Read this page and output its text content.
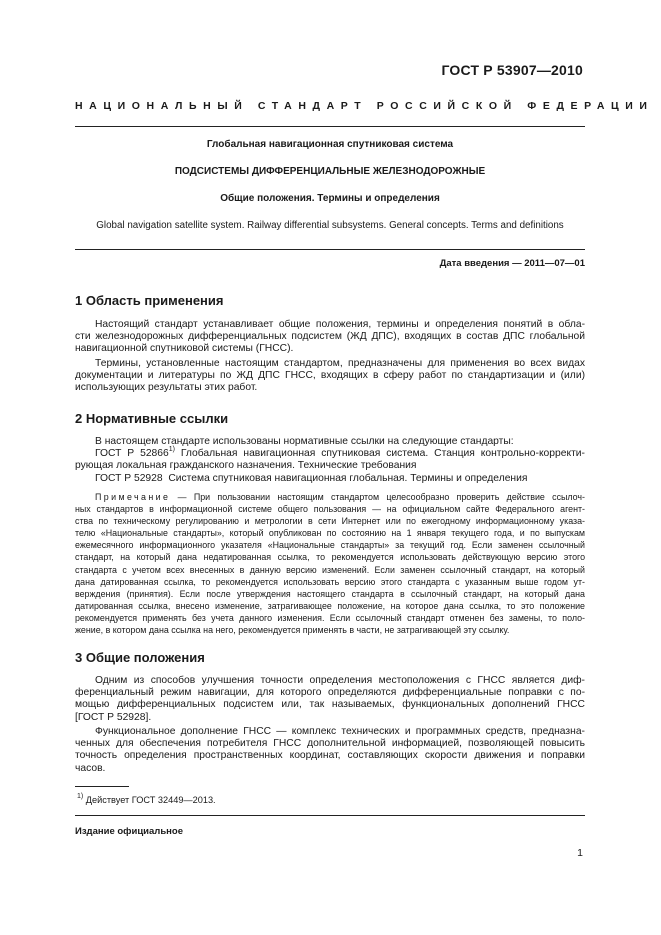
ГОСТ Р 53907—2010
НАЦИОНАЛЬНЫЙ СТАНДАРТ РОССИЙСКОЙ ФЕДЕРАЦИИ
Глобальная навигационная спутниковая система
ПОДСИСТЕМЫ ДИФФЕРЕНЦИАЛЬНЫЕ ЖЕЛЕЗНОДОРОЖНЫЕ
Общие положения. Термины и определения
Global navigation satellite system. Railway differential subsystems. General concepts. Terms and definitions
Дата введения — 2011—07—01
1 Область применения
Настоящий стандарт устанавливает общие положения, термины и определения понятий в обла-
сти железнодорожных дифференциальных подсистем (ЖД ДПС), входящих в состав ДПС глобальной
навигационной спутниковой системы (ГНСС).
Термины, установленные настоящим стандартом, предназначены для применения во всех видах
документации и литературы по ЖД ДПС ГНСС, входящих в сферу работ по стандартизации и (или)
использующих результаты этих работ.
2 Нормативные ссылки
В настоящем стандарте использованы нормативные ссылки на следующие стандарты:
ГОСТ Р 52866$^{1)}$ Глобальная навигационная спутниковая система. Станция контрольно-корректи-
рующая локальная гражданского назначения. Технические требования
ГОСТ Р 52928  Система спутниковая навигационная глобальная. Термины и определения
Примечание — При пользовании настоящим стандартом целесообразно проверить действие ссылоч-
ных стандартов в информационной системе общего пользования — на официальном сайте Федерального агент-
ства по техническому регулированию и метрологии в сети Интернет или по ежегодному информационному указа-
телю «Национальные стандарты», который опубликован по состоянию на 1 января текущего года, и по выпускам
ежемесячного информационного указателя «Национальные стандарты» за текущий год. Если заменен ссылочный
стандарт, на который дана недатированная ссылка, то рекомендуется использовать действующую версию этого
стандарта с учетом всех внесенных в данную версию изменений. Если заменен ссылочный стандарт, на который
дана датированная ссылка, то рекомендуется использовать версию этого стандарта с указанным выше годом ут-
верждения (принятия). Если после утверждения настоящего стандарта в ссылочный стандарт, на который дана
датированная ссылка, внесено изменение, затрагивающее положение, на которое дана ссылка, то это положение
рекомендуется применять без учета данного изменения. Если ссылочный стандарт отменен без замены, то поло-
жение, в котором дана ссылка на него, рекомендуется применять в части, не затрагивающей эту ссылку.
3 Общие положения
Одним из способов улучшения точности определения местоположения с ГНСС является диф-
ференциальный режим навигации, для которого определяются дифференциальные поправки с по-
мощью дифференциальных подсистем или, так называемых, функциональных дополнений ГНСС
[ГОСТ Р 52928].
Функциональное дополнение ГНСС — комплекс технических и программных средств, предназна-
ченных для обеспечения потребителя ГНСС дополнительной информацией, позволяющей повысить
точность определения пространственных координат, составляющих скорости движения и поправки
часов.
$^{1)}$ Действует ГОСТ 32449—2013.
Издание официальное
1
